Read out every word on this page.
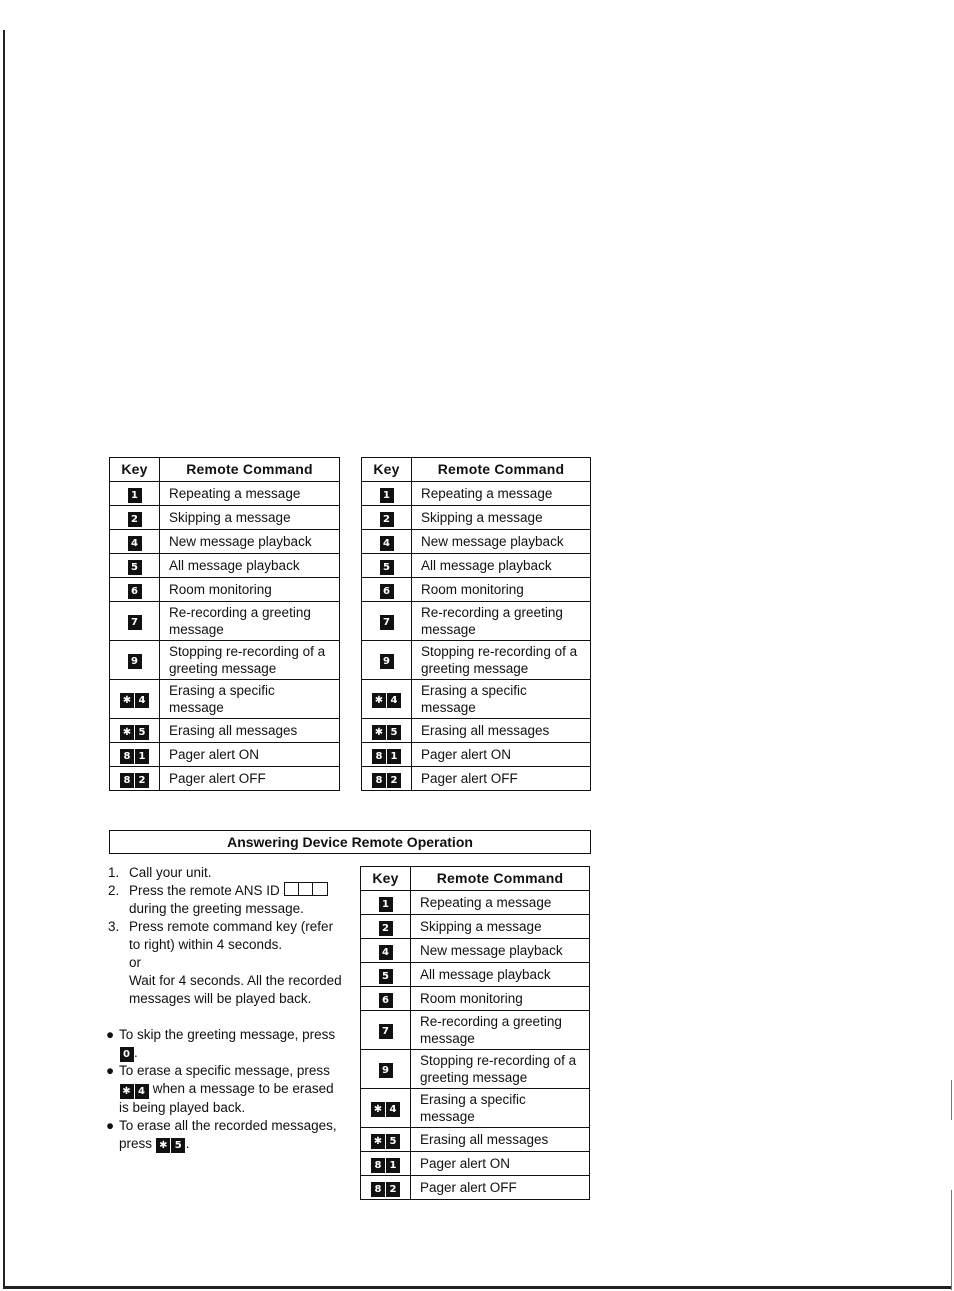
Key	Remote Command
1	Repeating a message
2	Skipping a message
4	New message playback
5	All message playback
6	Room monitoring
7	Re-recording a greeting message
9	Stopping re-recording of a greeting message
✱ 4	Erasing a specific message
✱ 5	Erasing all messages
8 1	Pager alert ON
8 2	Pager alert OFF
Key	Remote Command
1	Repeating a message
2	Skipping a message
4	New message playback
5	All message playback
6	Room monitoring
7	Re-recording a greeting message
9	Stopping re-recording of a greeting message
✱ 4	Erasing a specific message
✱ 5	Erasing all messages
8 1	Pager alert ON
8 2	Pager alert OFF
Answering Device Remote Operation
1. Call your unit.
2. Press the remote ANS ID  during the greeting message.
3. Press remote command key (refer to right) within 4 seconds.
or
Wait for 4 seconds. All the recorded messages will be played back.
● To skip the greeting message, press 0 .
● To erase a specific message, press ✱ 4 when a message to be erased is being played back.
● To erase all the recorded messages, press ✱ 5 .
Key	Remote Command
1	Repeating a message
2	Skipping a message
4	New message playback
5	All message playback
6	Room monitoring
7	Re-recording a greeting message
9	Stopping re-recording of a greeting message
✱ 4	Erasing a specific message
✱ 5	Erasing all messages
8 1	Pager alert ON
8 2	Pager alert OFF
